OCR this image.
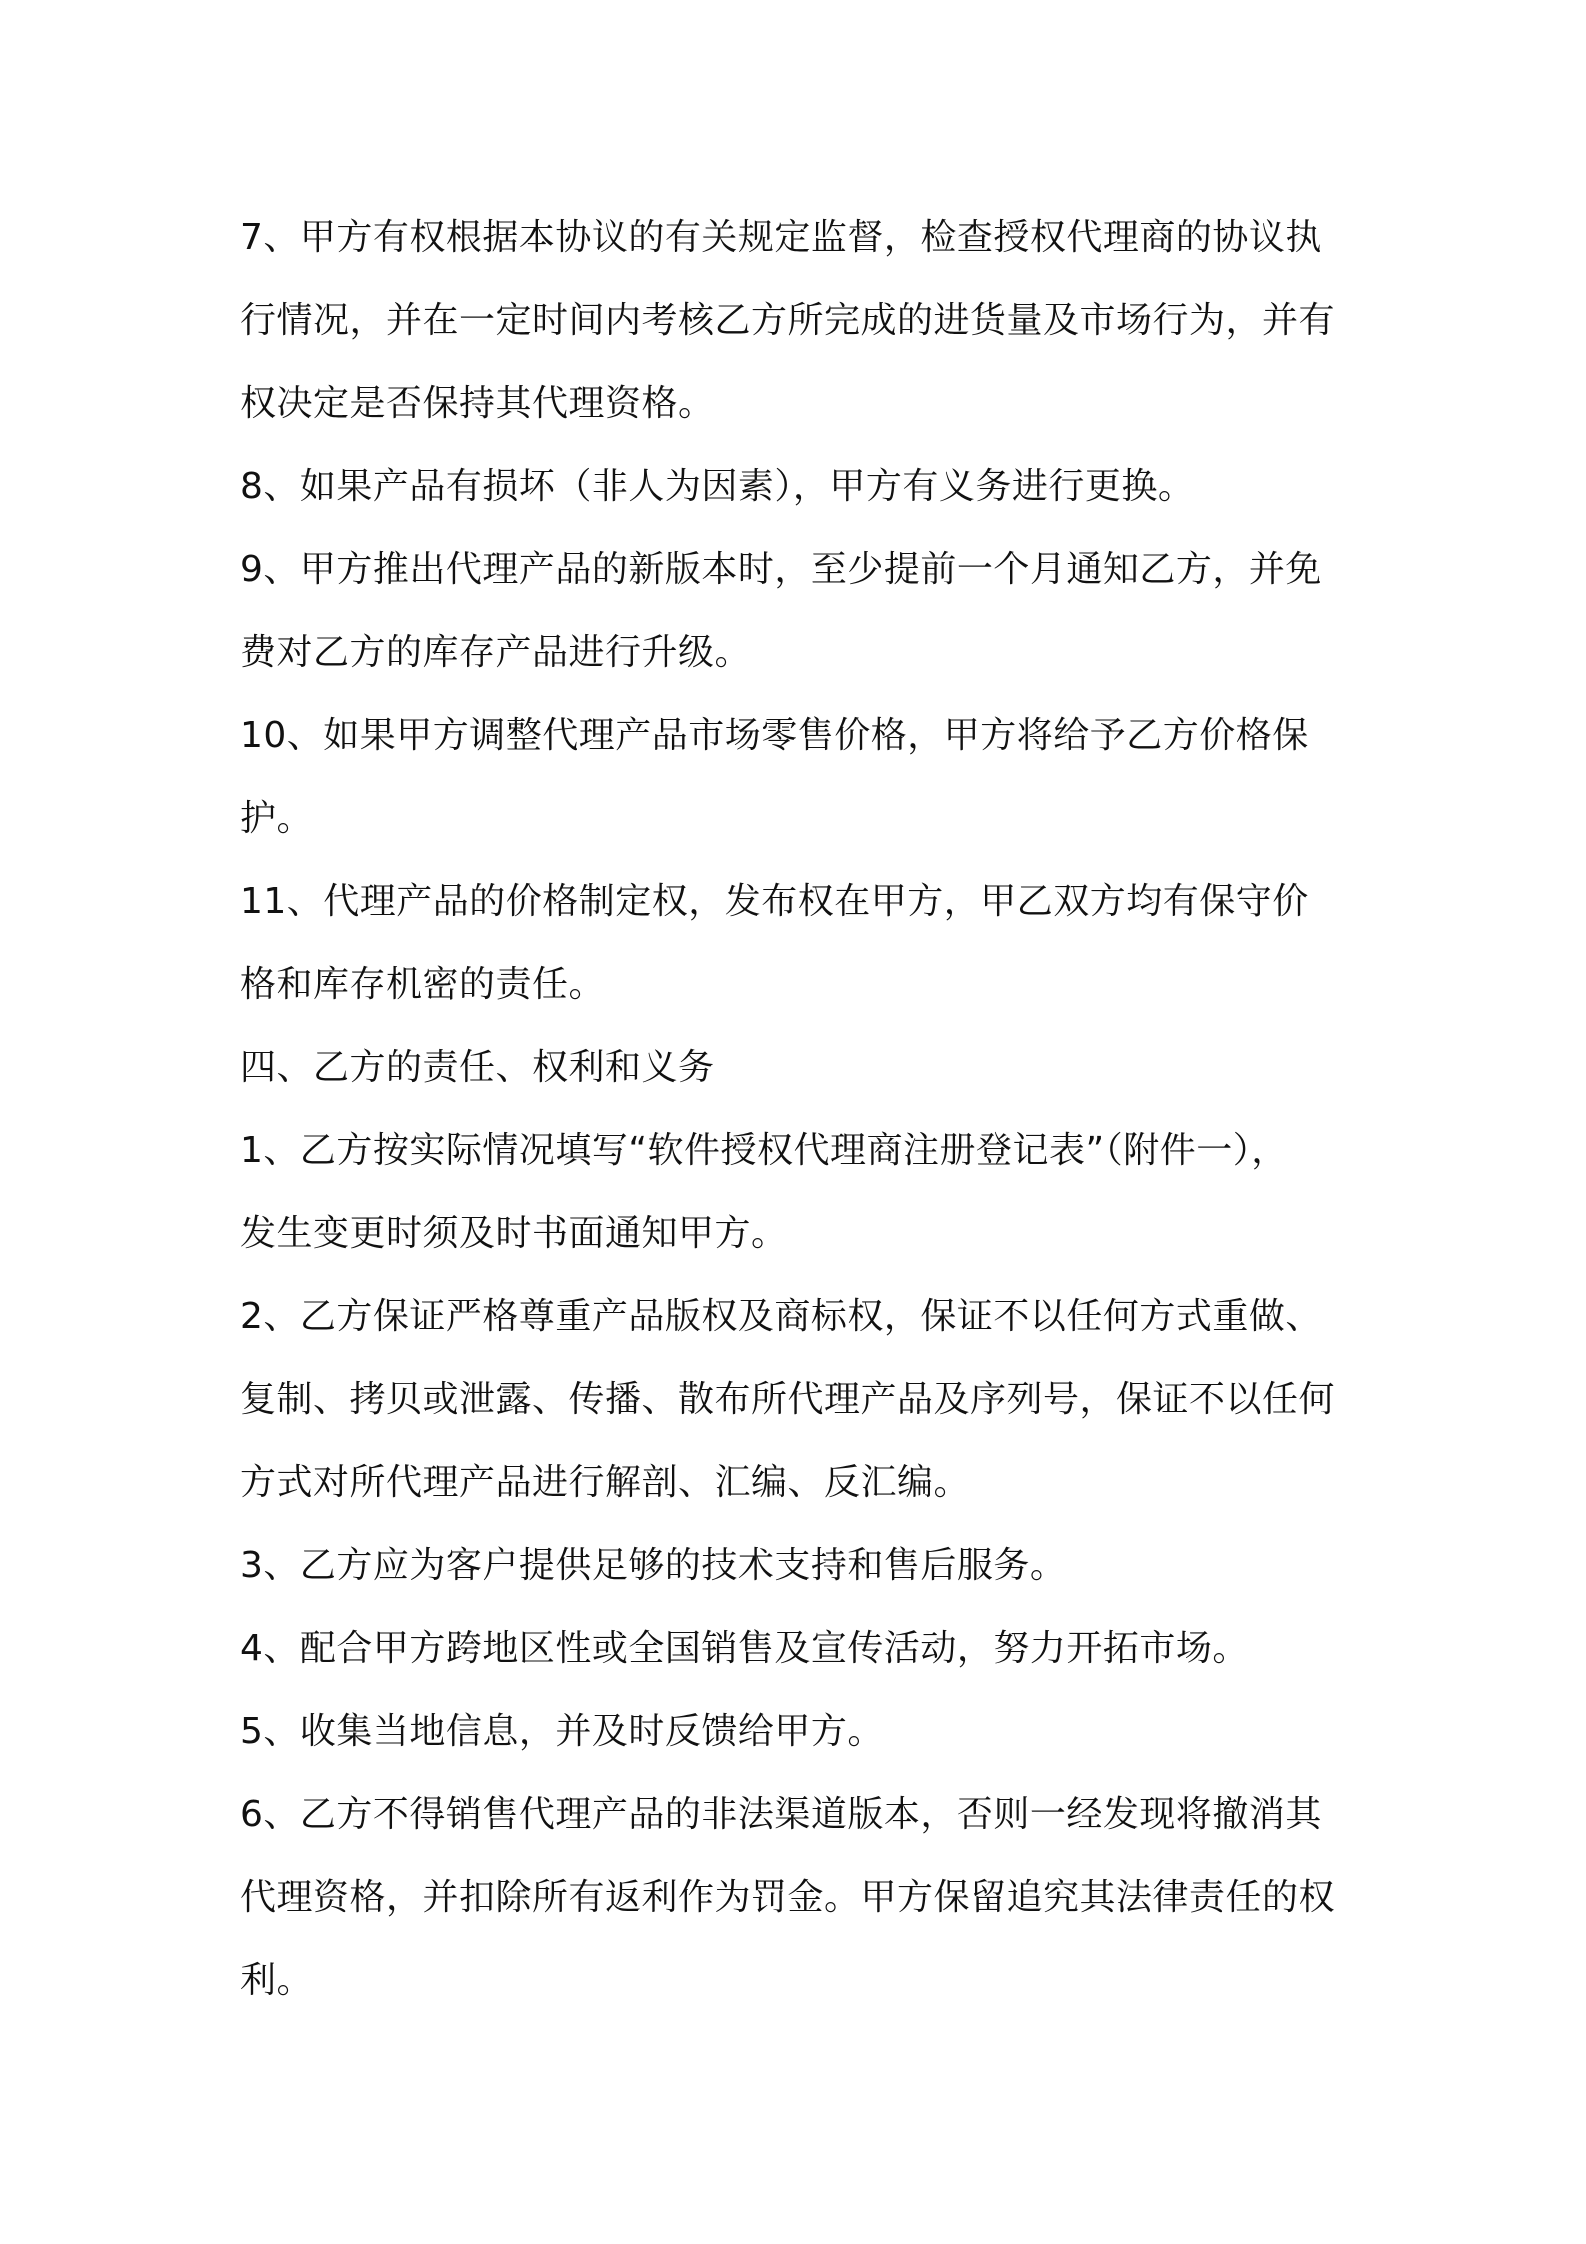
7、甲方有权根据本协议的有关规定监督，检查授权代理商的协议执
行情况，并在一定时间内考核乙方所完成的进货量及市场行为，并有
权决定是否保持其代理资格。

8、如果产品有损坏（非人为因素），甲方有义务进行更换。

9、甲方推出代理产品的新版本时，至少提前一个月通知乙方，并免
费对乙方的库存产品进行升级。

10、如果甲方调整代理产品市场零售价格，甲方将给予乙方价格保
护。

11、代理产品的价格制定权，发布权在甲方，甲乙双方均有保守价
格和库存机密的责任。

四、乙方的责任、权利和义务

1、乙方按实际情况填写“软件授权代理商注册登记表”（附件一），
发生变更时须及时书面通知甲方。

2、乙方保证严格尊重产品版权及商标权，保证不以任何方式重做、
复制、拷贝或泄露、传播、散布所代理产品及序列号，保证不以任何
方式对所代理产品进行解剖、汇编、反汇编。

3、乙方应为客户提供足够的技术支持和售后服务。

4、配合甲方跨地区性或全国销售及宣传活动，努力开拓市场。

5、收集当地信息，并及时反馈给甲方。

6、乙方不得销售代理产品的非法渠道版本，否则一经发现将撤消其
代理资格，并扣除所有返利作为罚金。甲方保留追究其法律责任的权
利。
